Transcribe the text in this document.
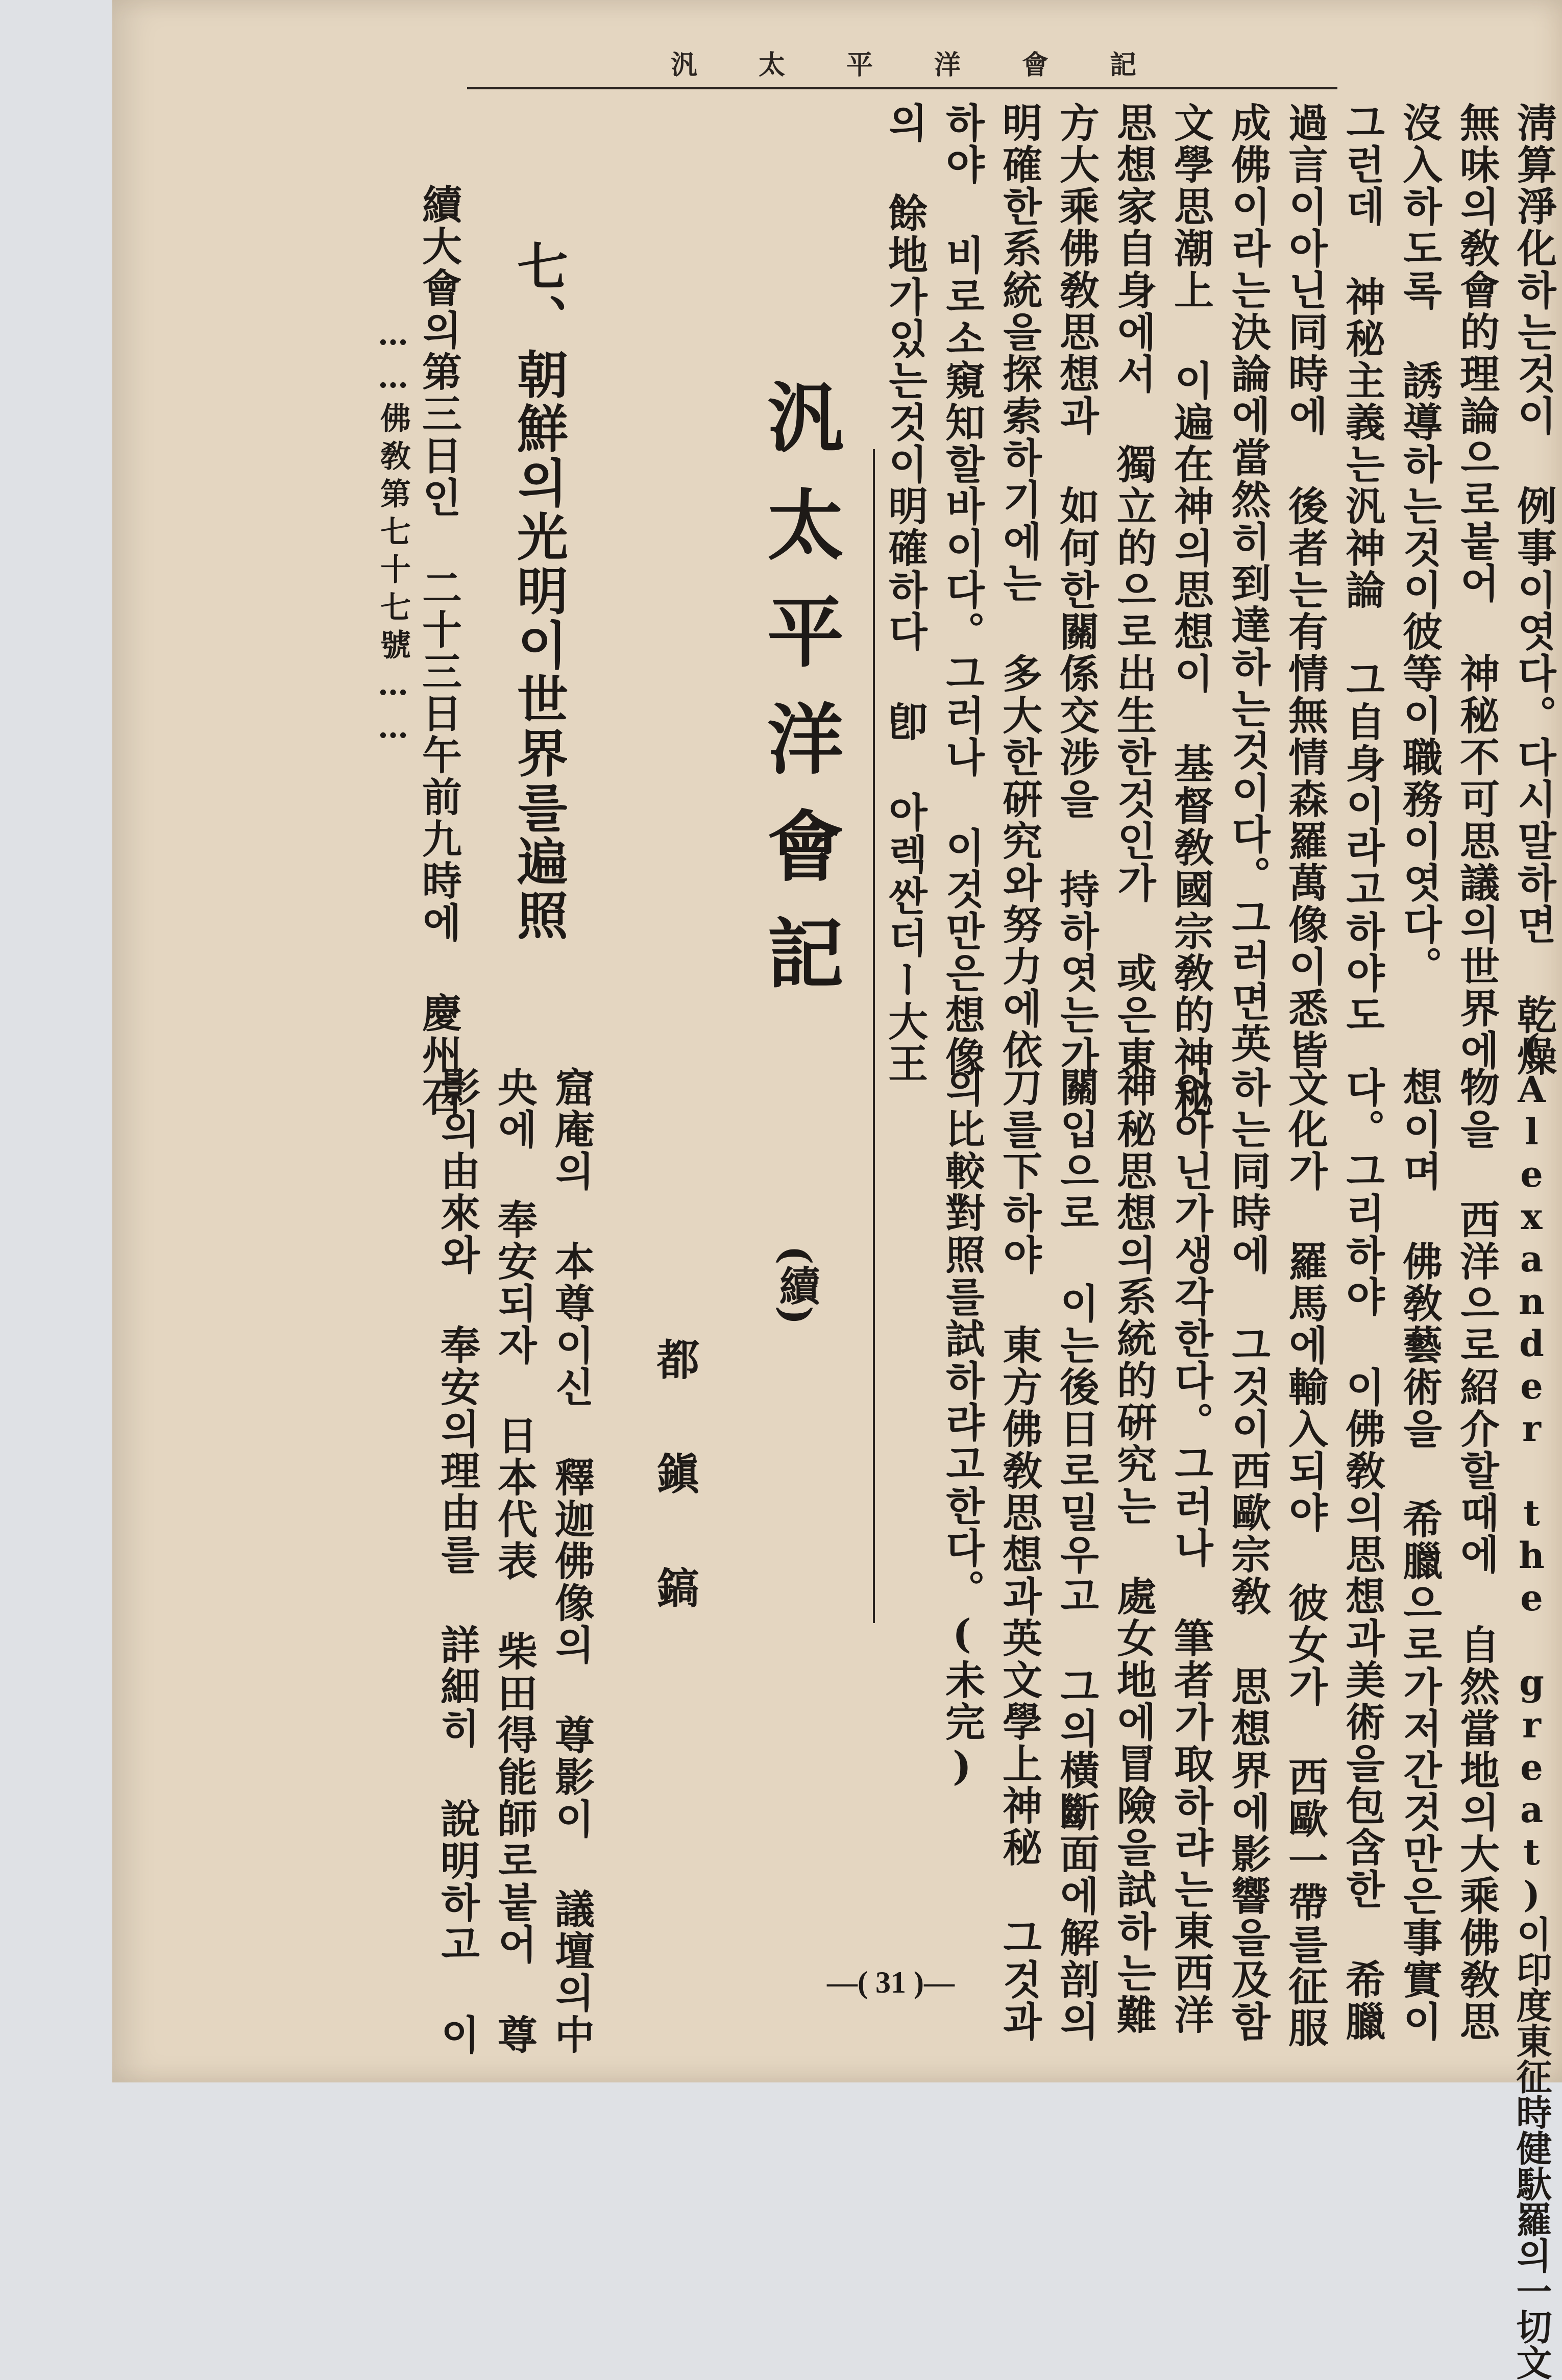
汎太平洋會記
淸算淨化하는것이 例事이엿다。다시말하면 乾燥
無味의敎會的理論으로붙어 神秘不可思議의世界에
沒入하도록 誘導하는것이彼等이職務이엿다。
그런데 神秘主義는汎神論 그自身이라고하야도
過言이아닌同時에 後者는有情無情森羅萬像이悉皆
成佛이라는決論에當然히到達하는것이다。그러면英
文學思潮上 이遍在神의思想이 基督敎國宗敎的神秘
思想家自身에서 獨立的으로出生한것인가 或은東
方大乘佛敎思想과 如何한關係交涉을 持하엿는가
明確한系統을探索하기에는 多大한硏究와努力에依
하야 비로소窺知할바이다。그러나 이것만은想像
의 餘地가있는것이明確하다 卽 아렉싼더ー大王
(Alexander the great)이印度東征時健馱羅의一切文
物을 西洋으로紹介할때에 自然當地의大乘佛敎思
想이며 佛敎藝術을 希臘으로가저간것만은事實이
다。그리하야 이佛敎의思想과美術을包含한 希臘
文化가 羅馬에輸入되야 彼女가 西歐一帶를征服
하는同時에 그것이西歐宗敎 思想界에影響을及함
이아닌가생각한다。그러나 筆者가取하랴는東西洋
神秘思想의系統的硏究는 處女地에冒險을試하는難
關입으로 이는後日로밀우고 그의橫斷面에解剖의
刀를下하야 東方佛敎思想과英文學上神秘 그것과
의比較對照를試하랴고한다。(未完)
汎太平洋會記
(續)
都鎭鎬
七、朝鮮의光明이世界를遍照
續大會의第三日인 二十三日午前九時에 慶州石
……佛敎第七十七號……
窟庵의 本尊이신 釋迦佛像의 尊影이 議壇의中
央에 奉安되자 日本代表 柴田得能師로붙어 尊
影의由來와 奉安의理由를 詳細히 說明하고 이	—( 31 )—
